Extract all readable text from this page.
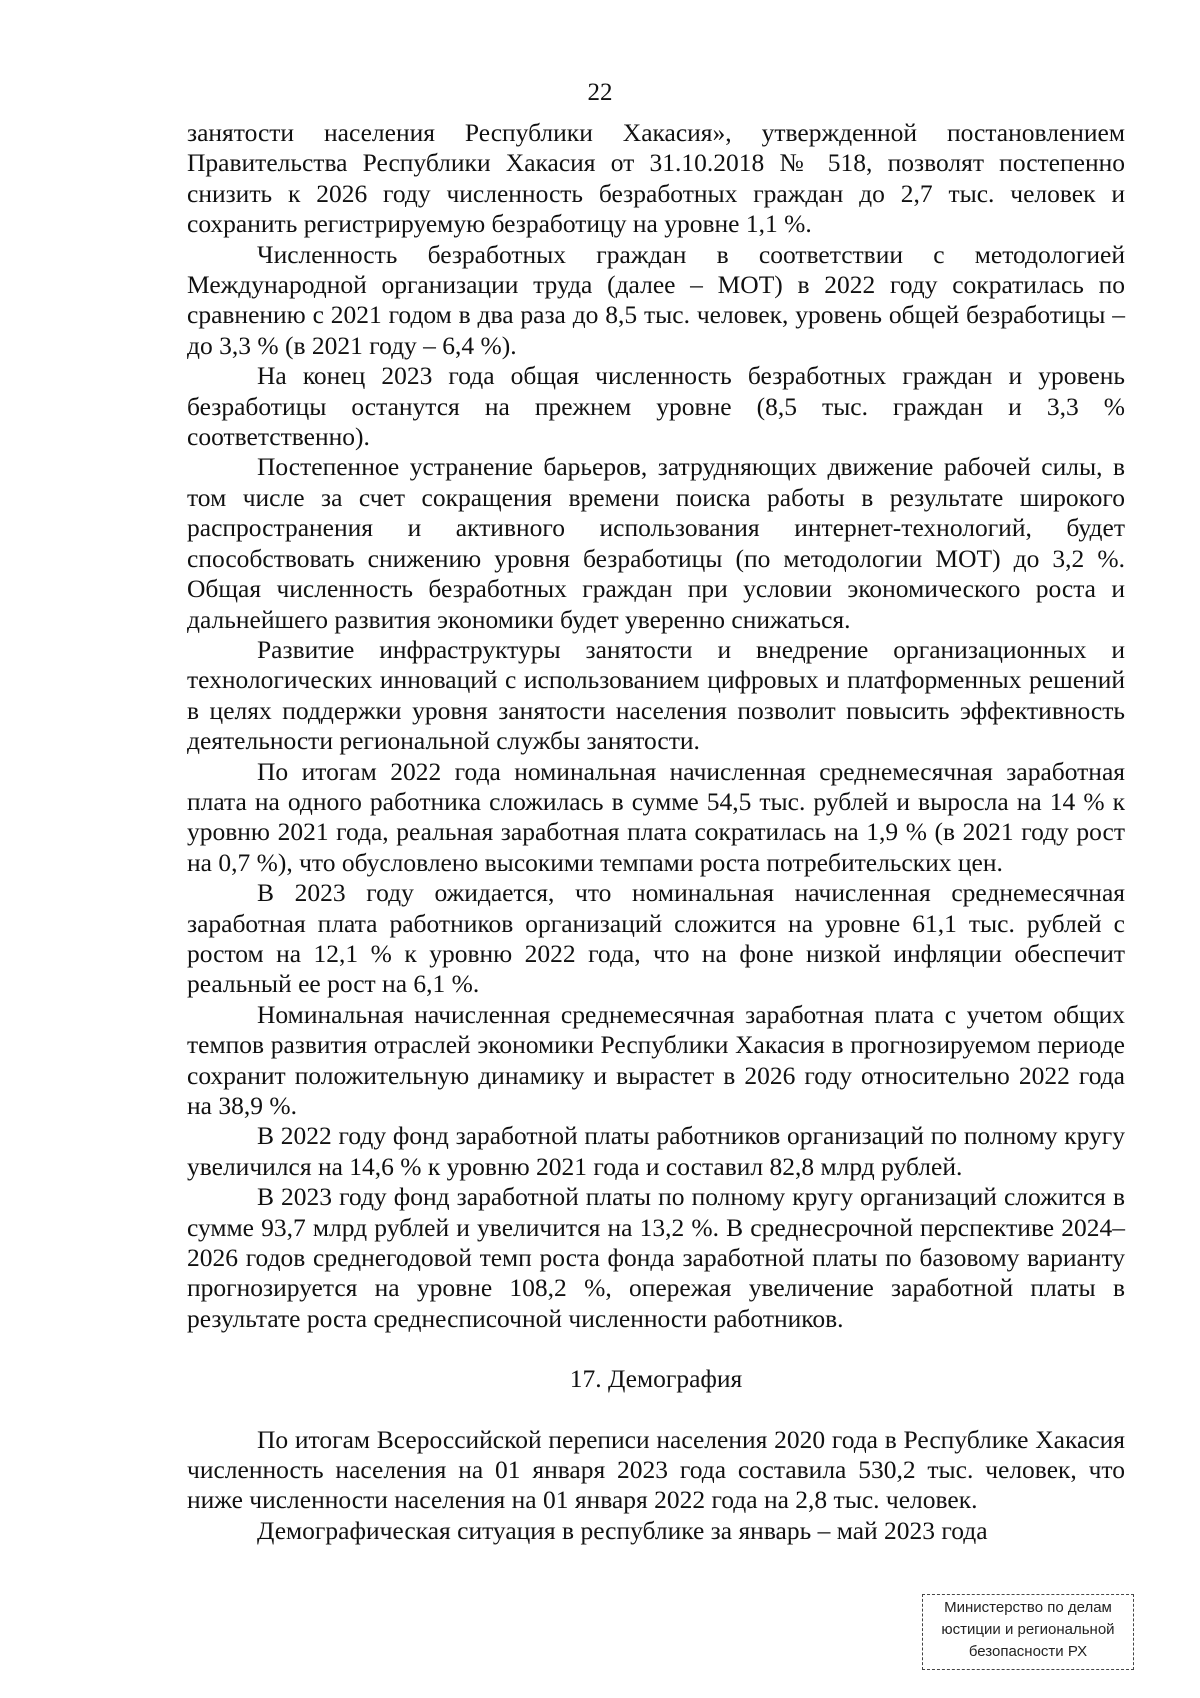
22

занятости населения Республики Хакасия», утвержденной постановлением Правительства Республики Хакасия от 31.10.2018 № 518, позволят постепенно снизить к 2026 году численность безработных граждан до 2,7 тыс. человек и сохранить регистрируемую безработицу на уровне 1,1 %.

Численность безработных граждан в соответствии с методологией Международной организации труда (далее – МОТ) в 2022 году сократилась по сравнению с 2021 годом в два раза до 8,5 тыс. человек, уровень общей безработицы – до 3,3 % (в 2021 году – 6,4 %).

На конец 2023 года общая численность безработных граждан и уровень безработицы останутся на прежнем уровне (8,5 тыс. граждан и 3,3 % соответственно).

Постепенное устранение барьеров, затрудняющих движение рабочей силы, в том числе за счет сокращения времени поиска работы в результате широкого распространения и активного использования интернет-технологий, будет способствовать снижению уровня безработицы (по методологии МОТ) до 3,2 %. Общая численность безработных граждан при условии экономического роста и дальнейшего развития экономики будет уверенно снижаться.

Развитие инфраструктуры занятости и внедрение организационных и технологических инноваций с использованием цифровых и платформенных решений в целях поддержки уровня занятости населения позволит повысить эффективность деятельности региональной службы занятости.

По итогам 2022 года номинальная начисленная среднемесячная заработная плата на одного работника сложилась в сумме 54,5 тыс. рублей и выросла на 14 % к уровню 2021 года, реальная заработная плата сократилась на 1,9 % (в 2021 году рост на 0,7 %), что обусловлено высокими темпами роста потребительских цен.

В 2023 году ожидается, что номинальная начисленная среднемесячная заработная плата работников организаций сложится на уровне 61,1 тыс. рублей с ростом на 12,1 % к уровню 2022 года, что на фоне низкой инфляции обеспечит реальный ее рост на 6,1 %.

Номинальная начисленная среднемесячная заработная плата с учетом общих темпов развития отраслей экономики Республики Хакасия в прогнозируемом периоде сохранит положительную динамику и вырастет в 2026 году относительно 2022 года на 38,9 %.

В 2022 году фонд заработной платы работников организаций по полному кругу увеличился на 14,6 % к уровню 2021 года и составил 82,8 млрд рублей.

В 2023 году фонд заработной платы по полному кругу организаций сложится в сумме 93,7 млрд рублей и увеличится на 13,2 %. В среднесрочной перспективе 2024–2026 годов среднегодовой темп роста фонда заработной платы по базовому варианту прогнозируется на уровне 108,2 %, опережая увеличение заработной платы в результате роста среднесписочной численности работников.

17. Демография

По итогам Всероссийской переписи населения 2020 года в Республике Хакасия численность населения на 01 января 2023 года составила 530,2 тыс. человек, что ниже численности населения на 01 января 2022 года на 2,8 тыс. человек.

Демографическая ситуация в республике за январь – май 2023 года

Министерство по делам
юстиции и региональной
безопасности РХ
